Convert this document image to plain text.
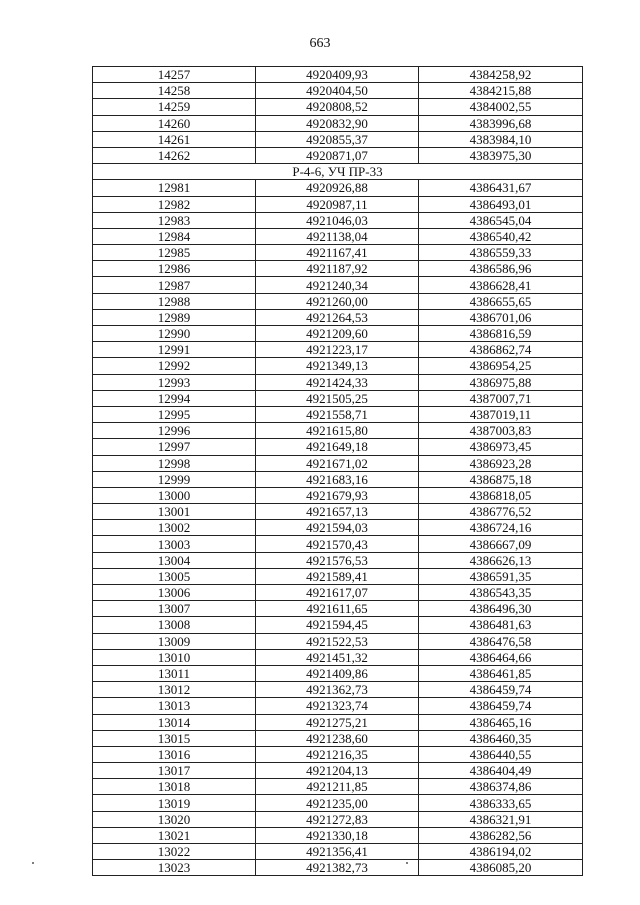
663
14257	4920409,93	4384258,92
14258	4920404,50	4384215,88
14259	4920808,52	4384002,55
14260	4920832,90	4383996,68
14261	4920855,37	4383984,10
14262	4920871,07	4383975,30
Р-4-6, УЧ ПР-33		
12981	4920926,88	4386431,67
12982	4920987,11	4386493,01
12983	4921046,03	4386545,04
12984	4921138,04	4386540,42
12985	4921167,41	4386559,33
12986	4921187,92	4386586,96
12987	4921240,34	4386628,41
12988	4921260,00	4386655,65
12989	4921264,53	4386701,06
12990	4921209,60	4386816,59
12991	4921223,17	4386862,74
12992	4921349,13	4386954,25
12993	4921424,33	4386975,88
12994	4921505,25	4387007,71
12995	4921558,71	4387019,11
12996	4921615,80	4387003,83
12997	4921649,18	4386973,45
12998	4921671,02	4386923,28
12999	4921683,16	4386875,18
13000	4921679,93	4386818,05
13001	4921657,13	4386776,52
13002	4921594,03	4386724,16
13003	4921570,43	4386667,09
13004	4921576,53	4386626,13
13005	4921589,41	4386591,35
13006	4921617,07	4386543,35
13007	4921611,65	4386496,30
13008	4921594,45	4386481,63
13009	4921522,53	4386476,58
13010	4921451,32	4386464,66
13011	4921409,86	4386461,85
13012	4921362,73	4386459,74
13013	4921323,74	4386459,74
13014	4921275,21	4386465,16
13015	4921238,60	4386460,35
13016	4921216,35	4386440,55
13017	4921204,13	4386404,49
13018	4921211,85	4386374,86
13019	4921235,00	4386333,65
13020	4921272,83	4386321,91
13021	4921330,18	4386282,56
13022	4921356,41	4386194,02
13023	4921382,73	4386085,20
